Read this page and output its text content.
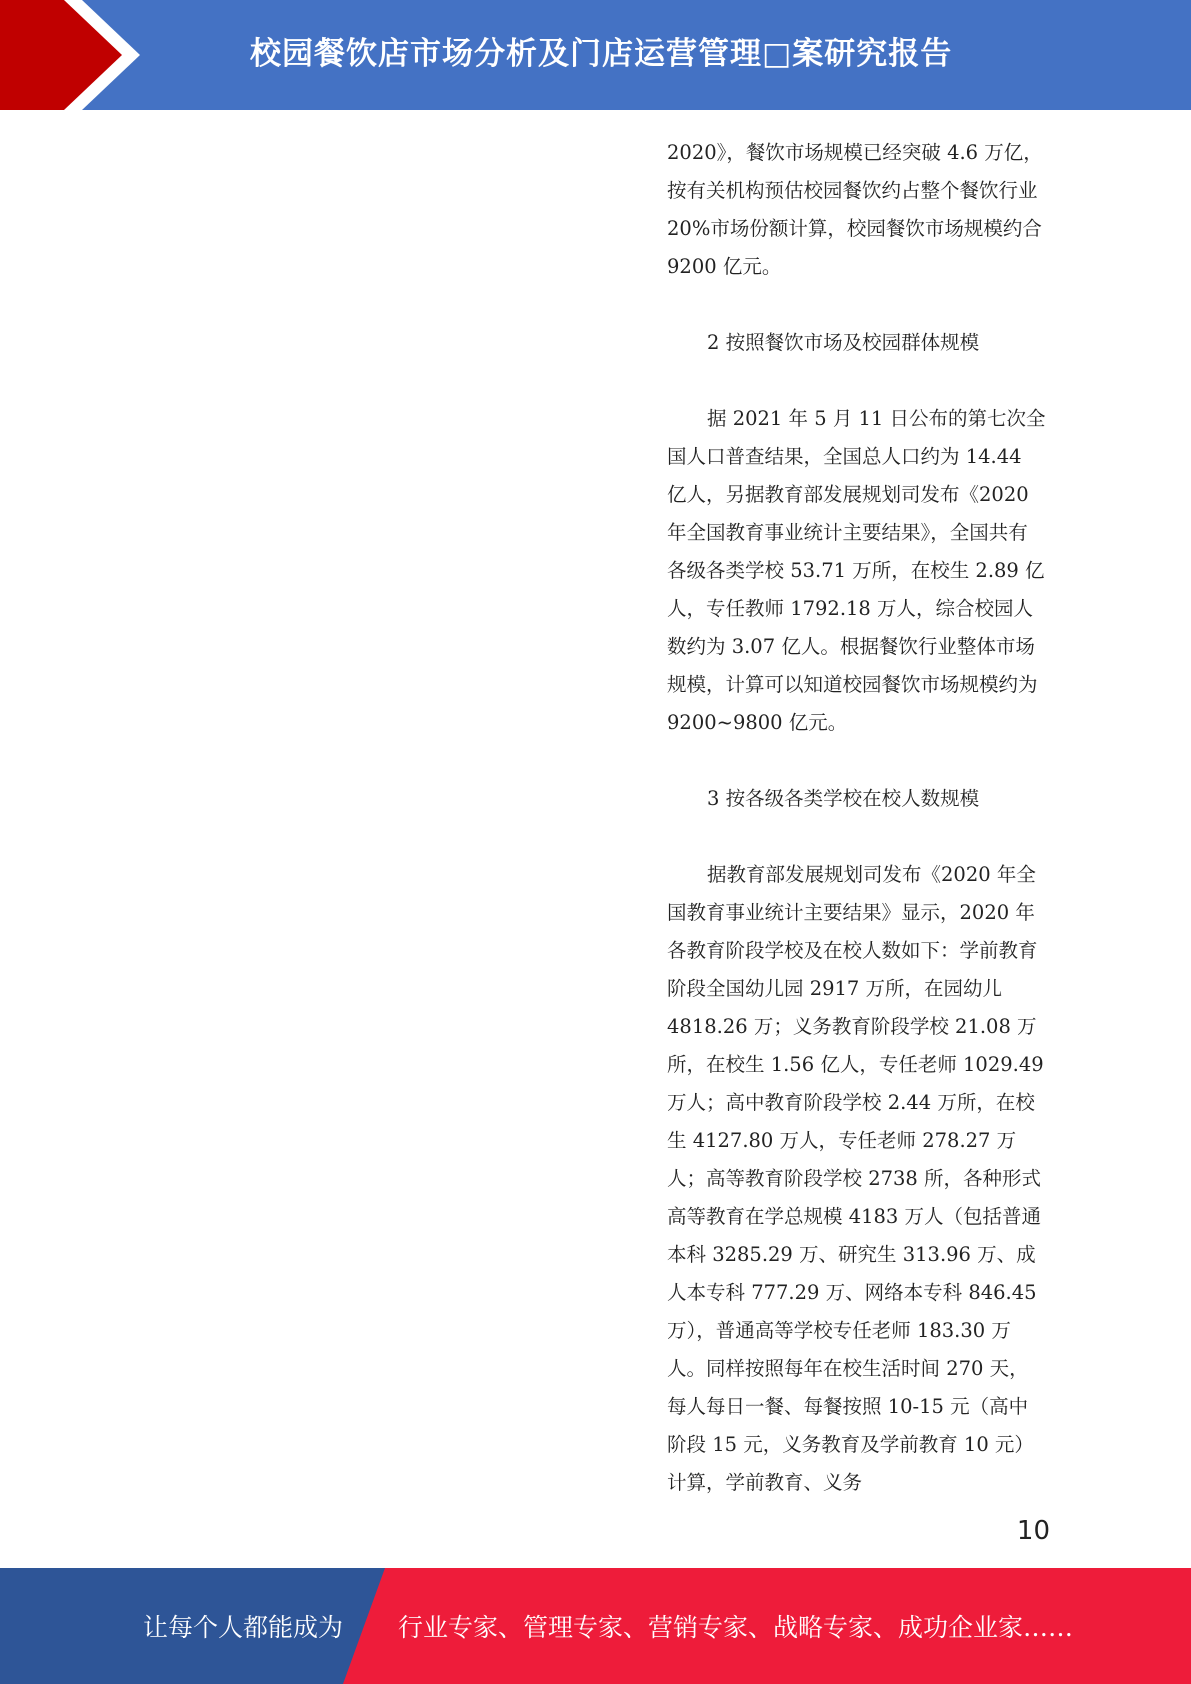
校园餐饮店市场分析及门店运营管理□案研究报告

2020》，餐饮市场规模已经突破 4.6 万亿，按有关机构预估校园餐饮约占整个餐饮行业 20%市场份额计算，校园餐饮市场规模约合 9200 亿元。

2 按照餐饮市场及校园群体规模

据 2021 年 5 月 11 日公布的第七次全国人口普查结果，全国总人口约为 14.44 亿人，另据教育部发展规划司发布《2020 年全国教育事业统计主要结果》，全国共有各级各类学校 53.71 万所，在校生 2.89 亿人，专任教师 1792.18 万人，综合校园人数约为 3.07 亿人。根据餐饮行业整体市场规模，计算可以知道校园餐饮市场规模约为 9200~9800 亿元。

3 按各级各类学校在校人数规模

据教育部发展规划司发布《2020 年全国教育事业统计主要结果》显示，2020 年各教育阶段学校及在校人数如下：学前教育阶段全国幼儿园 2917 万所，在园幼儿 4818.26 万；义务教育阶段学校 21.08 万所，在校生 1.56 亿人，专任老师 1029.49 万人；高中教育阶段学校 2.44 万所，在校生 4127.80 万人，专任老师 278.27 万人；高等教育阶段学校 2738 所，各种形式高等教育在学总规模 4183 万人（包括普通本科 3285.29 万、研究生 313.96 万、成人本专科 777.29 万、网络本专科 846.45 万），普通高等学校专任老师 183.30 万人。同样按照每年在校生活时间 270 天，每人每日一餐、每餐按照 10-15 元（高中阶段 15 元，义务教育及学前教育 10 元）计算，学前教育、义务

10
让每个人都能成为 行业专家、管理专家、营销专家、战略专家、成功企业家……
